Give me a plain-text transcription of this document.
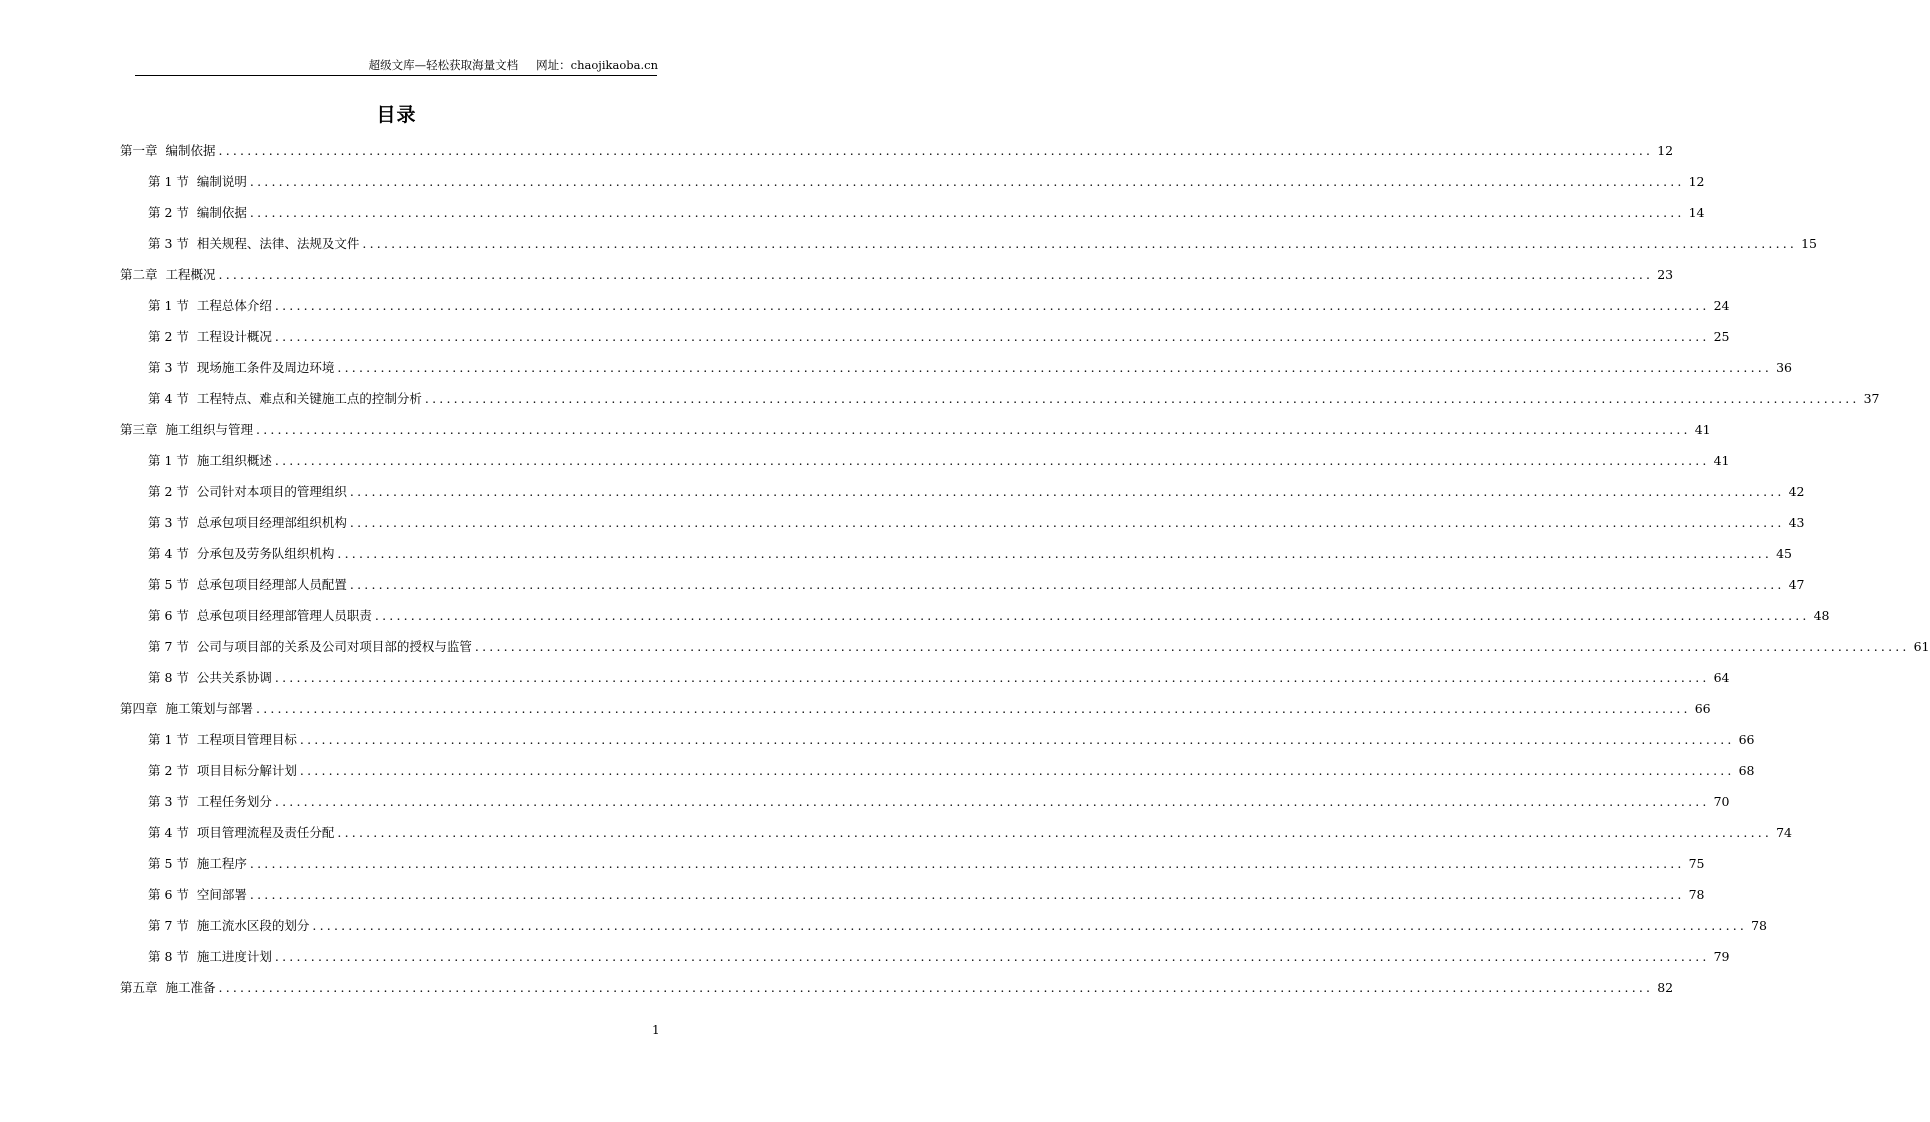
超级文库—轻松获取海量文档 网址：chaojikaoba.cn
目录
第一章 编制依据 ........................................................................................................................................................................................................ 12
第 1 节 编制说明 ........................................................................................................................................................................................................ 12
第 2 节 编制依据 ........................................................................................................................................................................................................ 14
第 3 节 相关规程、法律、法规及文件 ........................................................................................................................................................................................................ 15
第二章 工程概况 ........................................................................................................................................................................................................ 23
第 1 节 工程总体介绍 ........................................................................................................................................................................................................ 24
第 2 节 工程设计概况 ........................................................................................................................................................................................................ 25
第 3 节 现场施工条件及周边环境 ........................................................................................................................................................................................................ 36
第 4 节 工程特点、难点和关键施工点的控制分析 ........................................................................................................................................................................................................ 37
第三章 施工组织与管理 ........................................................................................................................................................................................................ 41
第 1 节 施工组织概述 ........................................................................................................................................................................................................ 41
第 2 节 公司针对本项目的管理组织 ........................................................................................................................................................................................................ 42
第 3 节 总承包项目经理部组织机构 ........................................................................................................................................................................................................ 43
第 4 节 分承包及劳务队组织机构 ........................................................................................................................................................................................................ 45
第 5 节 总承包项目经理部人员配置 ........................................................................................................................................................................................................ 47
第 6 节 总承包项目经理部管理人员职责 ........................................................................................................................................................................................................ 48
第 7 节 公司与项目部的关系及公司对项目部的授权与监管 ........................................................................................................................................................................................................ 61
第 8 节 公共关系协调 ........................................................................................................................................................................................................ 64
第四章 施工策划与部署 ........................................................................................................................................................................................................ 66
第 1 节 工程项目管理目标 ........................................................................................................................................................................................................ 66
第 2 节 项目目标分解计划 ........................................................................................................................................................................................................ 68
第 3 节 工程任务划分 ........................................................................................................................................................................................................ 70
第 4 节 项目管理流程及责任分配 ........................................................................................................................................................................................................ 74
第 5 节 施工程序 ........................................................................................................................................................................................................ 75
第 6 节 空间部署 ........................................................................................................................................................................................................ 78
第 7 节 施工流水区段的划分 ........................................................................................................................................................................................................ 78
第 8 节 施工进度计划 ........................................................................................................................................................................................................ 79
第五章 施工准备 ........................................................................................................................................................................................................ 82
1
